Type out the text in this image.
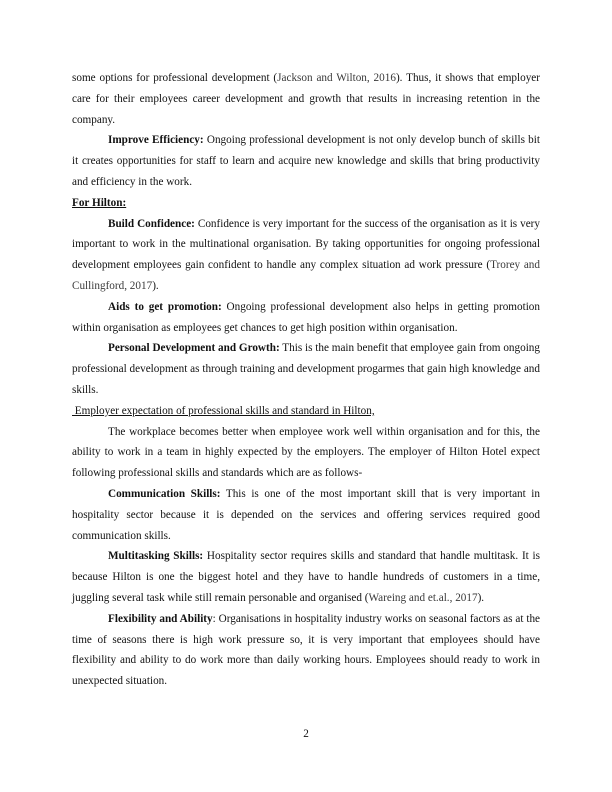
some options for professional development (Jackson and Wilton, 2016). Thus, it shows that employer care for their employees career development and growth that results in increasing retention in the company.

Improve Efficiency: Ongoing professional development is not only develop bunch of skills bit it creates opportunities for staff to learn and acquire new knowledge and skills that bring productivity and efficiency in the work.

For Hilton:

Build Confidence: Confidence is very important for the success of the organisation as it is very important to work in the multinational organisation. By taking opportunities for ongoing professional development employees gain confident to handle any complex situation ad work pressure (Trorey and Cullingford, 2017).

Aids to get promotion: Ongoing professional development also helps in getting promotion within organisation as employees get chances to get high position within organisation.

Personal Development and Growth: This is the main benefit that employee gain from ongoing professional development as through training and development progarmes that gain high knowledge and skills.

Employer expectation of professional skills and standard in Hilton,

The workplace becomes better when employee work well within organisation and for this, the ability to work in a team in highly expected by the employers. The employer of Hilton Hotel expect following professional skills and standards which are as follows-

Communication Skills: This is one of the most important skill that is very important in hospitality sector because it is depended on the services and offering services required good communication skills.

Multitasking Skills: Hospitality sector requires skills and standard that handle multitask. It is because Hilton is one the biggest hotel and they have to handle hundreds of customers in a time, juggling several task while still remain personable and organised (Wareing and et.al., 2017).

Flexibility and Ability: Organisations in hospitality industry works on seasonal factors as at the time of seasons there is high work pressure so, it is very important that employees should have flexibility and ability to do work more than daily working hours. Employees should ready to work in unexpected situation.

2
